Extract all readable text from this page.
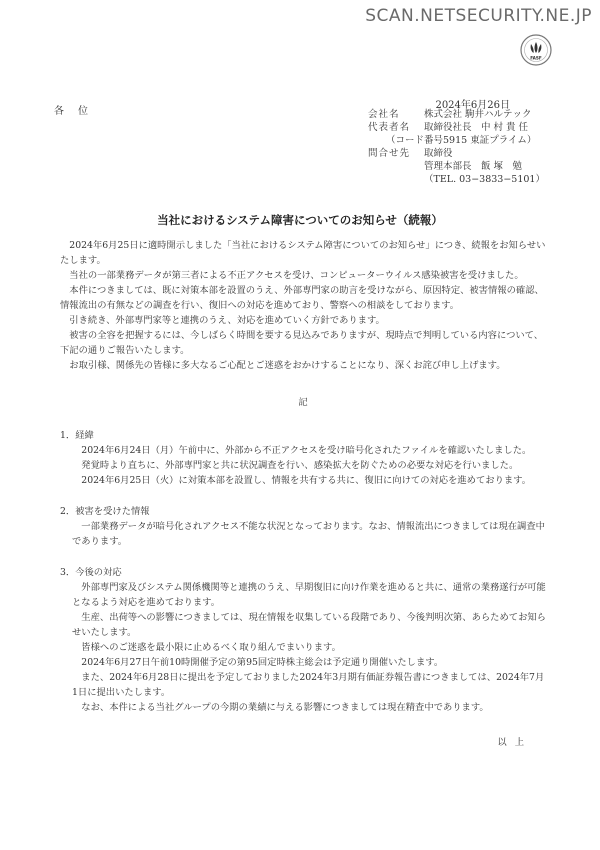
SCAN.NETSECURITY.NE.JP
FASF
2024年6月26日
各位	会社名	株式会社 駒井ハルテック
代表者名	取締役社長　中 村 貴 任
（コード番号5915 東証プライム）
問合せ先	取締役
管理本部長　飯 塚　勉
（TEL. 03−3833−5101）
当社におけるシステム障害についてのお知らせ（続報）

2024年6月25日に適時開示しました「当社におけるシステム障害についてのお知らせ」につき、続報をお知らせいたします。

当社の一部業務データが第三者による不正アクセスを受け、コンピューターウイルス感染被害を受けました。

本件につきましては、既に対策本部を設置のうえ、外部専門家の助言を受けながら、原因特定、被害情報の確認、情報流出の有無などの調査を行い、復旧への対応を進めており、警察への相談をしております。

引き続き、外部専門家等と連携のうえ、対応を進めていく方針であります。

被害の全容を把握するには、今しばらく時間を要する見込みでありますが、現時点で判明している内容について、下記の通りご報告いたします。

お取引様、関係先の皆様に多大なるご心配とご迷惑をおかけすることになり、深くお詫び申し上げます。

記

1．経緯

2024年6月24日（月）午前中に、外部から不正アクセスを受け暗号化されたファイルを確認いたしました。

発覚時より直ちに、外部専門家と共に状況調査を行い、感染拡大を防ぐための必要な対応を行いました。

2024年6月25日（火）に対策本部を設置し、情報を共有する共に、復旧に向けての対応を進めております。

2．被害を受けた情報

一部業務データが暗号化されアクセス不能な状況となっております。なお、情報流出につきましては現在調査中であります。

3．今後の対応

外部専門家及びシステム関係機関等と連携のうえ、早期復旧に向け作業を進めると共に、通常の業務遂行が可能となるよう対応を進めております。

生産、出荷等への影響につきましては、現在情報を収集している段階であり、今後判明次第、あらためてお知らせいたします。

皆様へのご迷惑を最小限に止めるべく取り組んでまいります。

2024年6月27日午前10時開催予定の第95回定時株主総会は予定通り開催いたします。

また、2024年6月28日に提出を予定しておりました2024年3月期有価証券報告書につきましては、2024年7月1日に提出いたします。

なお、本件による当社グループの今期の業績に与える影響につきましては現在精査中であります。

以上
